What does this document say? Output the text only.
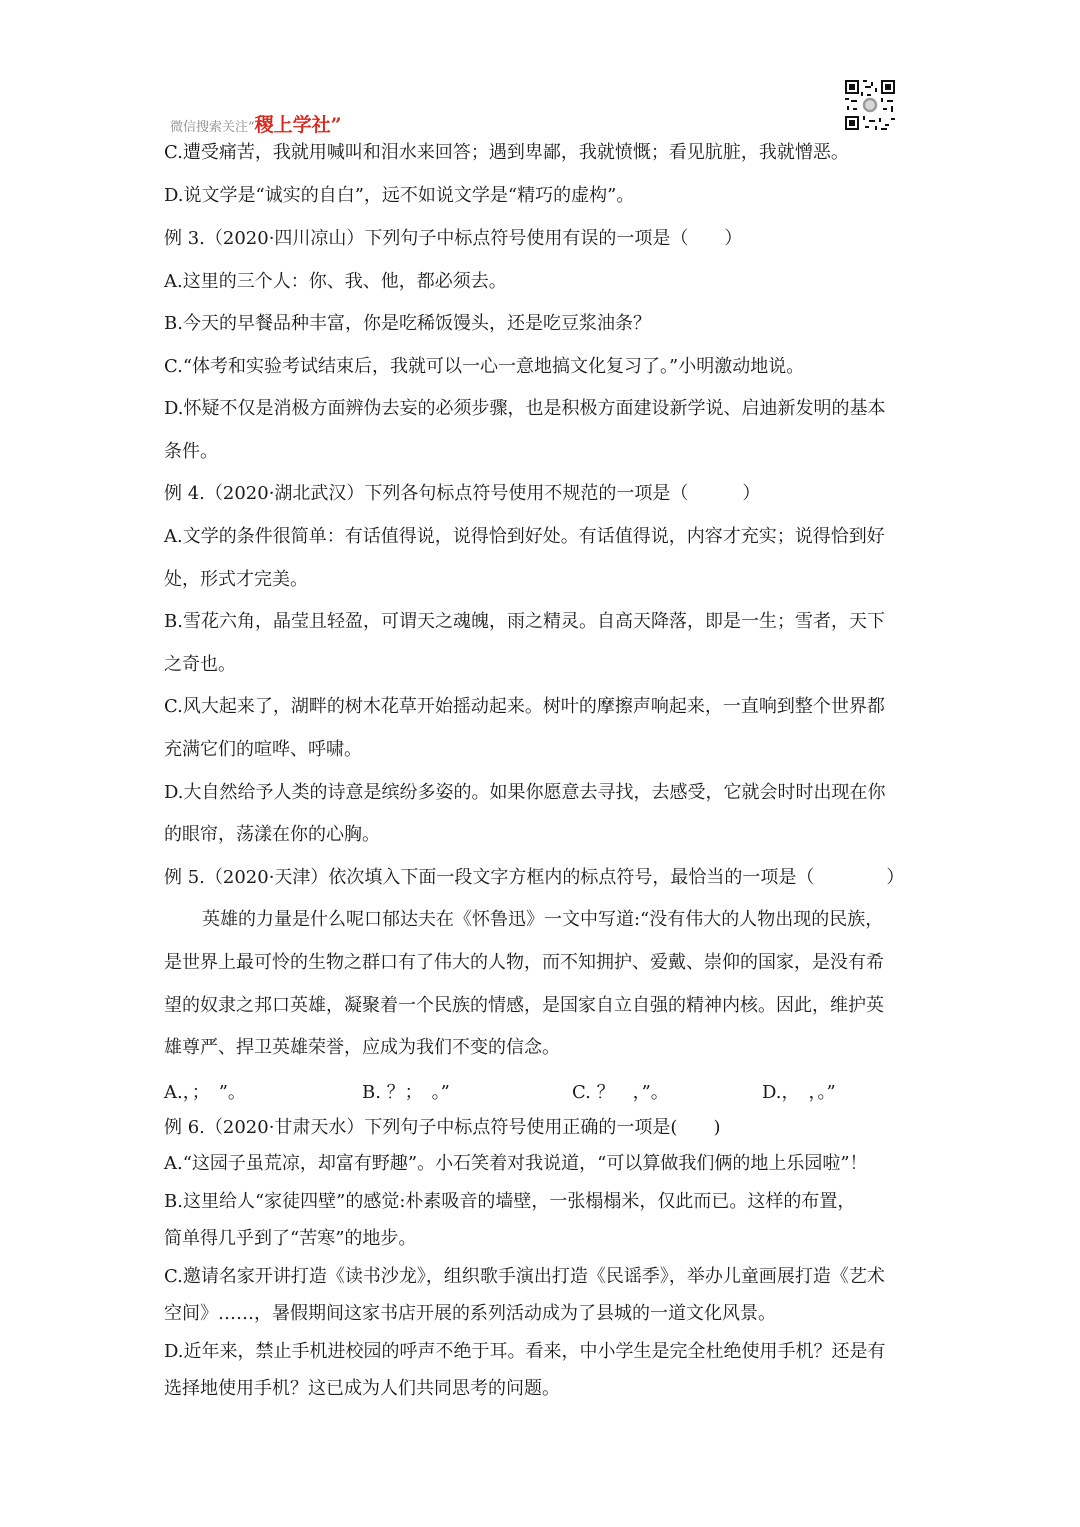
微信搜索关注“稷上学社”
C.遭受痛苦，我就用喊叫和泪水来回答；遇到卑鄙，我就愤慨；看见肮脏，我就憎恶。
D.说文学是“诚实的自白”，远不如说文学是“精巧的虚构”。
例 3.（2020·四川凉山）下列句子中标点符号使用有误的一项是（　　）
A.这里的三个人：你、我、他，都必须去。
B.今天的早餐品种丰富，你是吃稀饭馒头，还是吃豆浆油条？
C.“体考和实验考试结束后，我就可以一心一意地搞文化复习了。”小明激动地说。
D.怀疑不仅是消极方面辨伪去妄的必须步骤，也是积极方面建设新学说、启迪新发明的基本
条件。
例 4.（2020·湖北武汉）下列各句标点符号使用不规范的一项是（　　　）
A.文学的条件很简单：有话值得说，说得恰到好处。有话值得说，内容才充实；说得恰到好
处，形式才完美。
B.雪花六角，晶莹且轻盈，可谓天之魂魄，雨之精灵。自高天降落，即是一生；雪者，天下
之奇也。
C.风大起来了，湖畔的树木花草开始摇动起来。树叶的摩擦声响起来，一直响到整个世界都
充满它们的喧哗、呼啸。
D.大自然给予人类的诗意是缤纷多姿的。如果你愿意去寻找，去感受，它就会时时出现在你
的眼帘，荡漾在你的心胸。
例 5.（2020·天津）依次填入下面一段文字方框内的标点符号，最恰当的一项是（　　　　）
英雄的力量是什么呢口郁达夫在《怀鲁迅》一文中写道:“没有伟大的人物出现的民族，
是世界上最可怜的生物之群口有了伟大的人物，而不知拥护、爱戴、崇仰的国家，是没有希
望的奴隶之邦口英雄，凝聚着一个民族的情感，是国家自立自强的精神内核。因此，维护英
雄尊严、捍卫英雄荣誉，应成为我们不变的信念。
A.，；　”。	B. ？；　。”	C. ？　，”。	D.，　，。”
例 6.（2020·甘肃天水）下列句子中标点符号使用正确的一项是(　　)
A.“这园子虽荒凉，却富有野趣”。小石笑着对我说道，“可以算做我们俩的地上乐园啦”！
B.这里给人“家徒四壁”的感觉:朴素吸音的墙壁，一张榻榻米，仅此而已。这样的布置，
简单得几乎到了“苦寒”的地步。
C.邀请名家开讲打造《读书沙龙》，组织歌手演出打造《民谣季》，举办儿童画展打造《艺术
空间》……，暑假期间这家书店开展的系列活动成为了县城的一道文化风景。
D.近年来，禁止手机进校园的呼声不绝于耳。看来，中小学生是完全杜绝使用手机？还是有
选择地使用手机？这已成为人们共同思考的问题。
